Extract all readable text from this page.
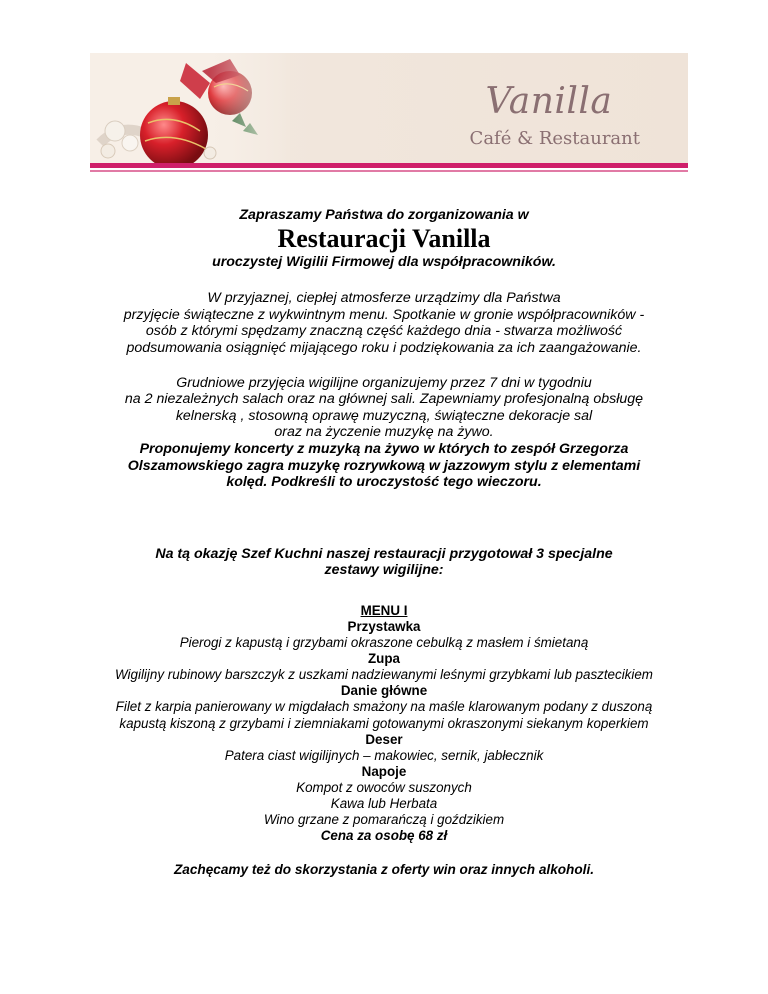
Vanilla
Café & Restaurant

Zapraszamy Państwa do zorganizowania w

Restauracji Vanilla

uroczystej Wigilii Firmowej dla współpracowników.

W przyjaznej, ciepłej atmosferze urządzimy dla Państwa
przyjęcie świąteczne z wykwintnym menu. Spotkanie w gronie współpracowników -
osób z którymi spędzamy znaczną część każdego dnia - stwarza możliwość
podsumowania osiągnięć mijającego roku i podziękowania za ich zaangażowanie.
Grudniowe przyjęcia wigilijne organizujemy przez 7 dni w tygodniu
na 2 niezależnych salach oraz na głównej sali. Zapewniamy profesjonalną obsługę
kelnerską , stosowną oprawę muzyczną, świąteczne dekoracje sal
oraz na życzenie muzykę na żywo.
Proponujemy koncerty z muzyką na żywo w których to zespół Grzegorza
Olszamowskiego zagra muzykę rozrywkową w jazzowym stylu z elementami
kolęd. Podkreśli to uroczystość tego wieczoru.
Na tą okazję Szef Kuchni naszej restauracji przygotował 3 specjalne
zestawy wigilijne:
MENU I
Przystawka
Pierogi z kapustą i grzybami okraszone cebulką z masłem i śmietaną
Zupa
Wigilijny rubinowy barszczyk z uszkami nadziewanymi leśnymi grzybkami lub pasztecikiem
Danie główne
Filet z karpia panierowany w migdałach smażony na maśle klarowanym podany z duszoną
kapustą kiszoną z grzybami i ziemniakami gotowanymi okraszonymi siekanym koperkiem
Deser
Patera ciast wigilijnych – makowiec, sernik, jabłecznik
Napoje
Kompot z owoców suszonych
Kawa lub Herbata
Wino grzane z pomarańczą i goździkiem
Cena za osobę 68 zł

Zachęcamy też do skorzystania z oferty win oraz innych alkoholi.
